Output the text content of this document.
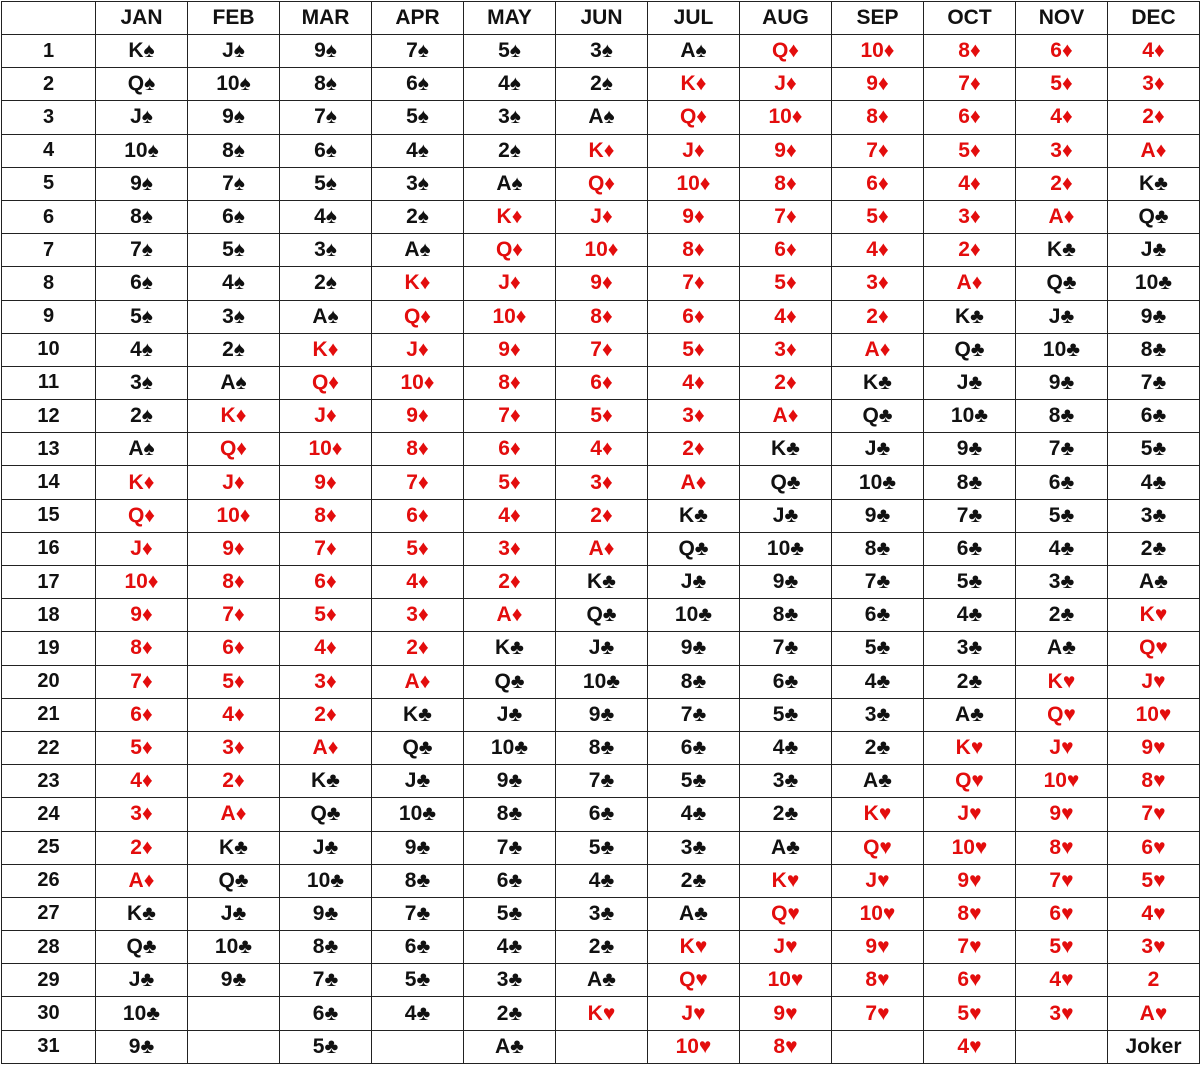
	JAN	FEB	MAR	APR	MAY	JUN	JUL	AUG	SEP	OCT	NOV	DEC
1	K♠	J♠	9♠	7♠	5♠	3♠	A♠	Q♦	10♦	8♦	6♦	4♦
2	Q♠	10♠	8♠	6♠	4♠	2♠	K♦	J♦	9♦	7♦	5♦	3♦
3	J♠	9♠	7♠	5♠	3♠	A♠	Q♦	10♦	8♦	6♦	4♦	2♦
4	10♠	8♠	6♠	4♠	2♠	K♦	J♦	9♦	7♦	5♦	3♦	A♦
5	9♠	7♠	5♠	3♠	A♠	Q♦	10♦	8♦	6♦	4♦	2♦	K♣
6	8♠	6♠	4♠	2♠	K♦	J♦	9♦	7♦	5♦	3♦	A♦	Q♣
7	7♠	5♠	3♠	A♠	Q♦	10♦	8♦	6♦	4♦	2♦	K♣	J♣
8	6♠	4♠	2♠	K♦	J♦	9♦	7♦	5♦	3♦	A♦	Q♣	10♣
9	5♠	3♠	A♠	Q♦	10♦	8♦	6♦	4♦	2♦	K♣	J♣	9♣
10	4♠	2♠	K♦	J♦	9♦	7♦	5♦	3♦	A♦	Q♣	10♣	8♣
11	3♠	A♠	Q♦	10♦	8♦	6♦	4♦	2♦	K♣	J♣	9♣	7♣
12	2♠	K♦	J♦	9♦	7♦	5♦	3♦	A♦	Q♣	10♣	8♣	6♣
13	A♠	Q♦	10♦	8♦	6♦	4♦	2♦	K♣	J♣	9♣	7♣	5♣
14	K♦	J♦	9♦	7♦	5♦	3♦	A♦	Q♣	10♣	8♣	6♣	4♣
15	Q♦	10♦	8♦	6♦	4♦	2♦	K♣	J♣	9♣	7♣	5♣	3♣
16	J♦	9♦	7♦	5♦	3♦	A♦	Q♣	10♣	8♣	6♣	4♣	2♣
17	10♦	8♦	6♦	4♦	2♦	K♣	J♣	9♣	7♣	5♣	3♣	A♣
18	9♦	7♦	5♦	3♦	A♦	Q♣	10♣	8♣	6♣	4♣	2♣	K♥
19	8♦	6♦	4♦	2♦	K♣	J♣	9♣	7♣	5♣	3♣	A♣	Q♥
20	7♦	5♦	3♦	A♦	Q♣	10♣	8♣	6♣	4♣	2♣	K♥	J♥
21	6♦	4♦	2♦	K♣	J♣	9♣	7♣	5♣	3♣	A♣	Q♥	10♥
22	5♦	3♦	A♦	Q♣	10♣	8♣	6♣	4♣	2♣	K♥	J♥	9♥
23	4♦	2♦	K♣	J♣	9♣	7♣	5♣	3♣	A♣	Q♥	10♥	8♥
24	3♦	A♦	Q♣	10♣	8♣	6♣	4♣	2♣	K♥	J♥	9♥	7♥
25	2♦	K♣	J♣	9♣	7♣	5♣	3♣	A♣	Q♥	10♥	8♥	6♥
26	A♦	Q♣	10♣	8♣	6♣	4♣	2♣	K♥	J♥	9♥	7♥	5♥
27	K♣	J♣	9♣	7♣	5♣	3♣	A♣	Q♥	10♥	8♥	6♥	4♥
28	Q♣	10♣	8♣	6♣	4♣	2♣	K♥	J♥	9♥	7♥	5♥	3♥
29	J♣	9♣	7♣	5♣	3♣	A♣	Q♥	10♥	8♥	6♥	4♥	2
30	10♣		6♣	4♣	2♣	K♥	J♥	9♥	7♥	5♥	3♥	A♥
31	9♣		5♣		A♣		10♥	8♥		4♥		Joker
